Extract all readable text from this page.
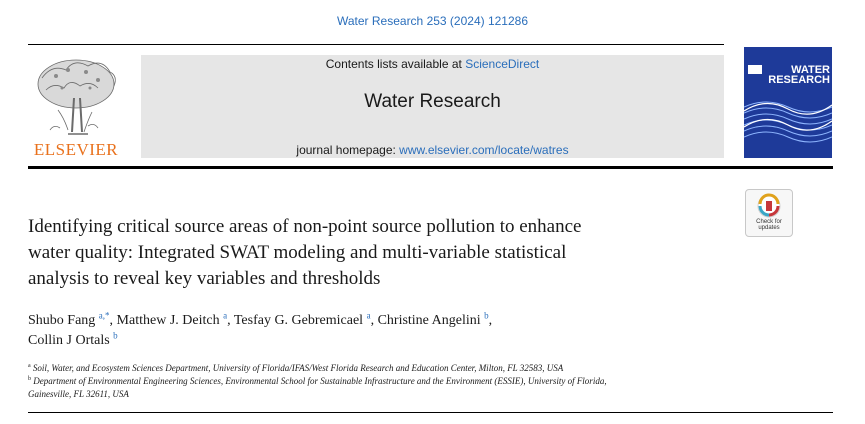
Water Research 253 (2024) 121286
ELSEVIER
Contents lists available at ScienceDirect
Water Research
journal homepage: www.elsevier.com/locate/watres
WATER
RESEARCH
Check for
updates
Identifying critical source areas of non-point source pollution to enhance
water quality: Integrated SWAT modeling and multi-variable statistical
analysis to reveal key variables and thresholds
Shubo Fang $^{a,*}$, Matthew J. Deitch $^a$, Tesfay G. Gebremicael $^a$, Christine Angelini $^b$,
Collin J Ortals $^b$
$^a$ Soil, Water, and Ecosystem Sciences Department, University of Florida/IFAS/West Florida Research and Education Center, Milton, FL 32583, USA
$^b$ Department of Environmental Engineering Sciences, Environmental School for Sustainable Infrastructure and the Environment (ESSIE), University of Florida,
Gainesville, FL 32611, USA
